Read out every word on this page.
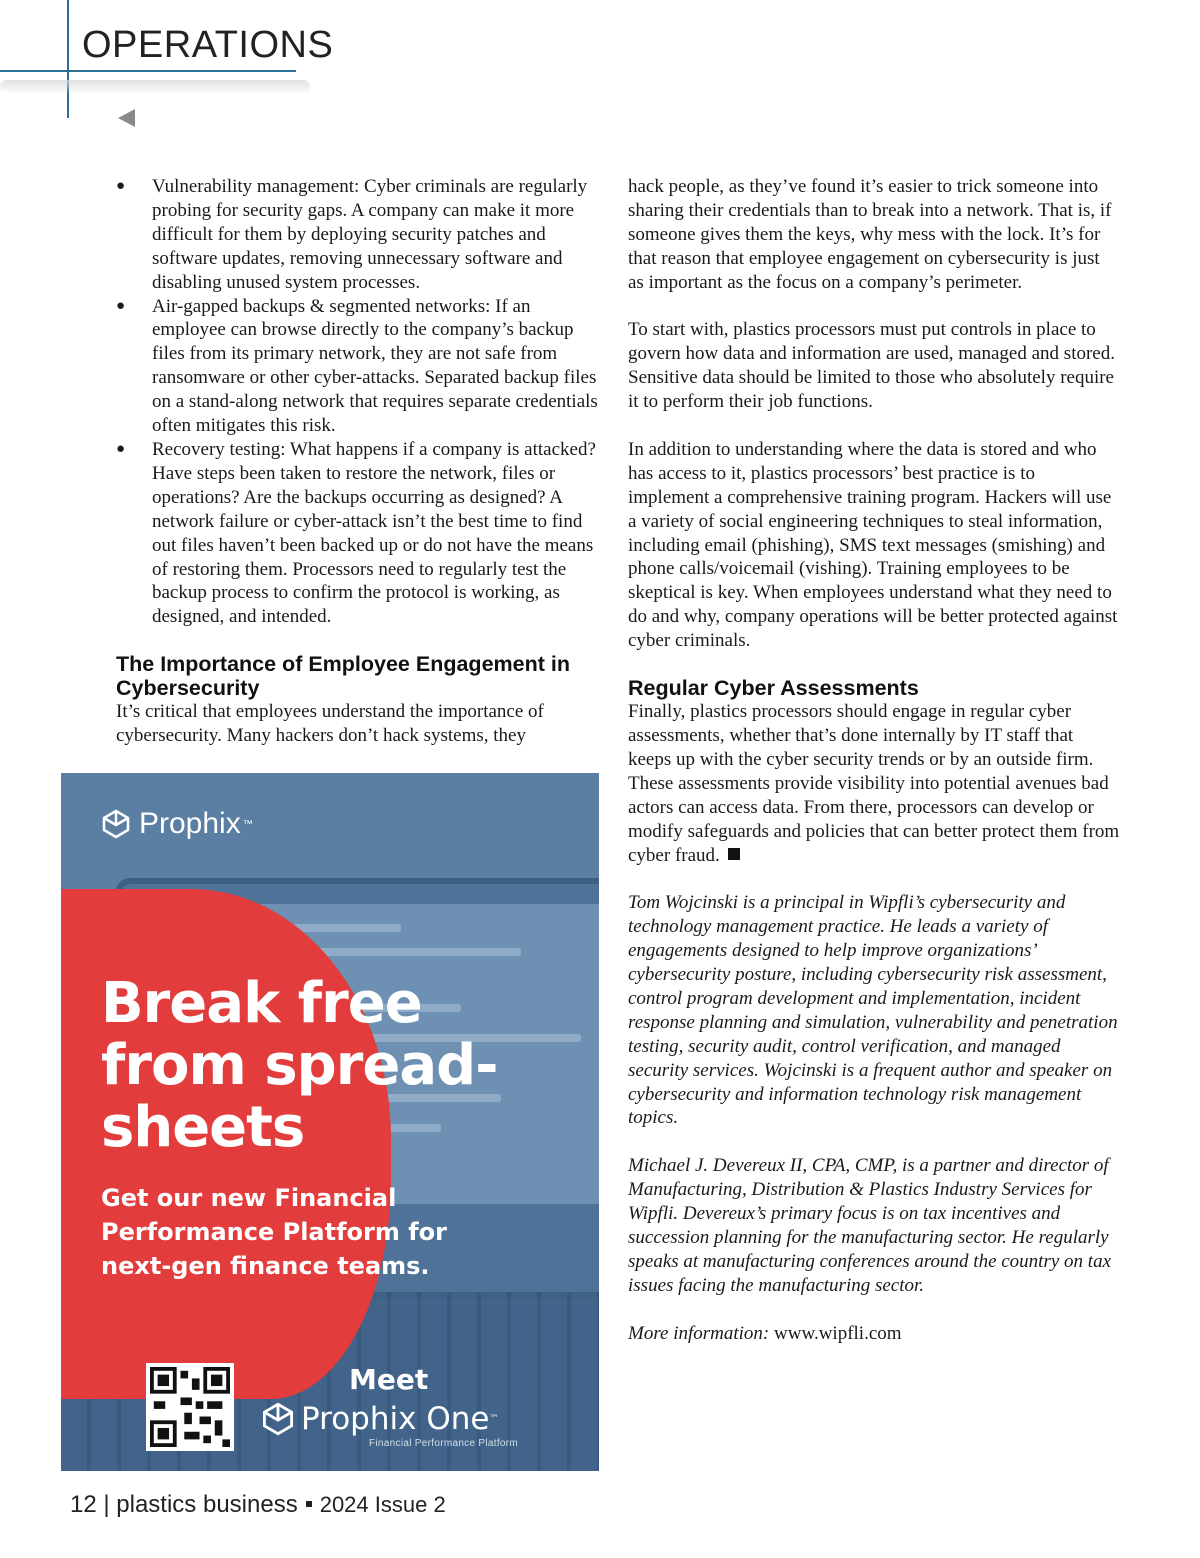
OPERATIONS
● Vulnerability management: Cyber criminals are regularly probing for security gaps. A company can make it more difficult for them by deploying security patches and software updates, removing unnecessary software and disabling unused system processes.
● Air-gapped backups & segmented networks: If an employee can browse directly to the company’s backup files from its primary network, they are not safe from ransomware or other cyber-attacks. Separated backup files on a stand-along network that requires separate credentials often mitigates this risk.
● Recovery testing: What happens if a company is attacked? Have steps been taken to restore the network, files or operations? Are the backups occurring as designed? A network failure or cyber-attack isn’t the best time to find out files haven’t been backed up or do not have the means of restoring them. Processors need to regularly test the backup process to confirm the protocol is working, as designed, and intended.
The Importance of Employee Engagement in Cybersecurity

It’s critical that employees understand the importance of cybersecurity. Many hackers don’t hack systems, they

hack people, as they’ve found it’s easier to trick someone into sharing their credentials than to break into a network. That is, if someone gives them the keys, why mess with the lock. It’s for that reason that employee engagement on cybersecurity is just as important as the focus on a company’s perimeter.

To start with, plastics processors must put controls in place to govern how data and information are used, managed and stored. Sensitive data should be limited to those who absolutely require it to perform their job functions.

In addition to understanding where the data is stored and who has access to it, plastics processors’ best practice is to implement a comprehensive training program. Hackers will use a variety of social engineering techniques to steal information, including email (phishing), SMS text messages (smishing) and phone calls/voicemail (vishing). Training employees to be skeptical is key. When employees understand what they need to do and why, company operations will be better protected against cyber criminals.

Regular Cyber Assessments

Finally, plastics processors should engage in regular cyber assessments, whether that’s done internally by IT staff that keeps up with the cyber security trends or by an outside firm. These assessments provide visibility into potential avenues bad actors can access data. From there, processors can develop or modify safeguards and policies that can better protect them from cyber fraud.

Tom Wojcinski is a principal in Wipfli’s cybersecurity and technology management practice. He leads a variety of engagements designed to help improve organizations’ cybersecurity posture, including cybersecurity risk assessment, control program development and implementation, incident response planning and simulation, vulnerability and penetration testing, security audit, control verification, and managed security services. Wojcinski is a frequent author and speaker on cybersecurity and information technology risk management topics.

Michael J. Devereux II, CPA, CMP, is a partner and director of Manufacturing, Distribution & Plastics Industry Services for Wipfli. Devereux’s primary focus is on tax incentives and succession planning for the manufacturing sector. He regularly speaks at manufacturing conferences around the country on tax issues facing the manufacturing sector.

More information: www.wipfli.com

Prophix ™
Break free from spread-sheets
Get our new Financial Performance Platform for next-gen finance teams.
Meet
Prophix One ™
Financial Performance Platform
12 | plastics business 2024 Issue 2
